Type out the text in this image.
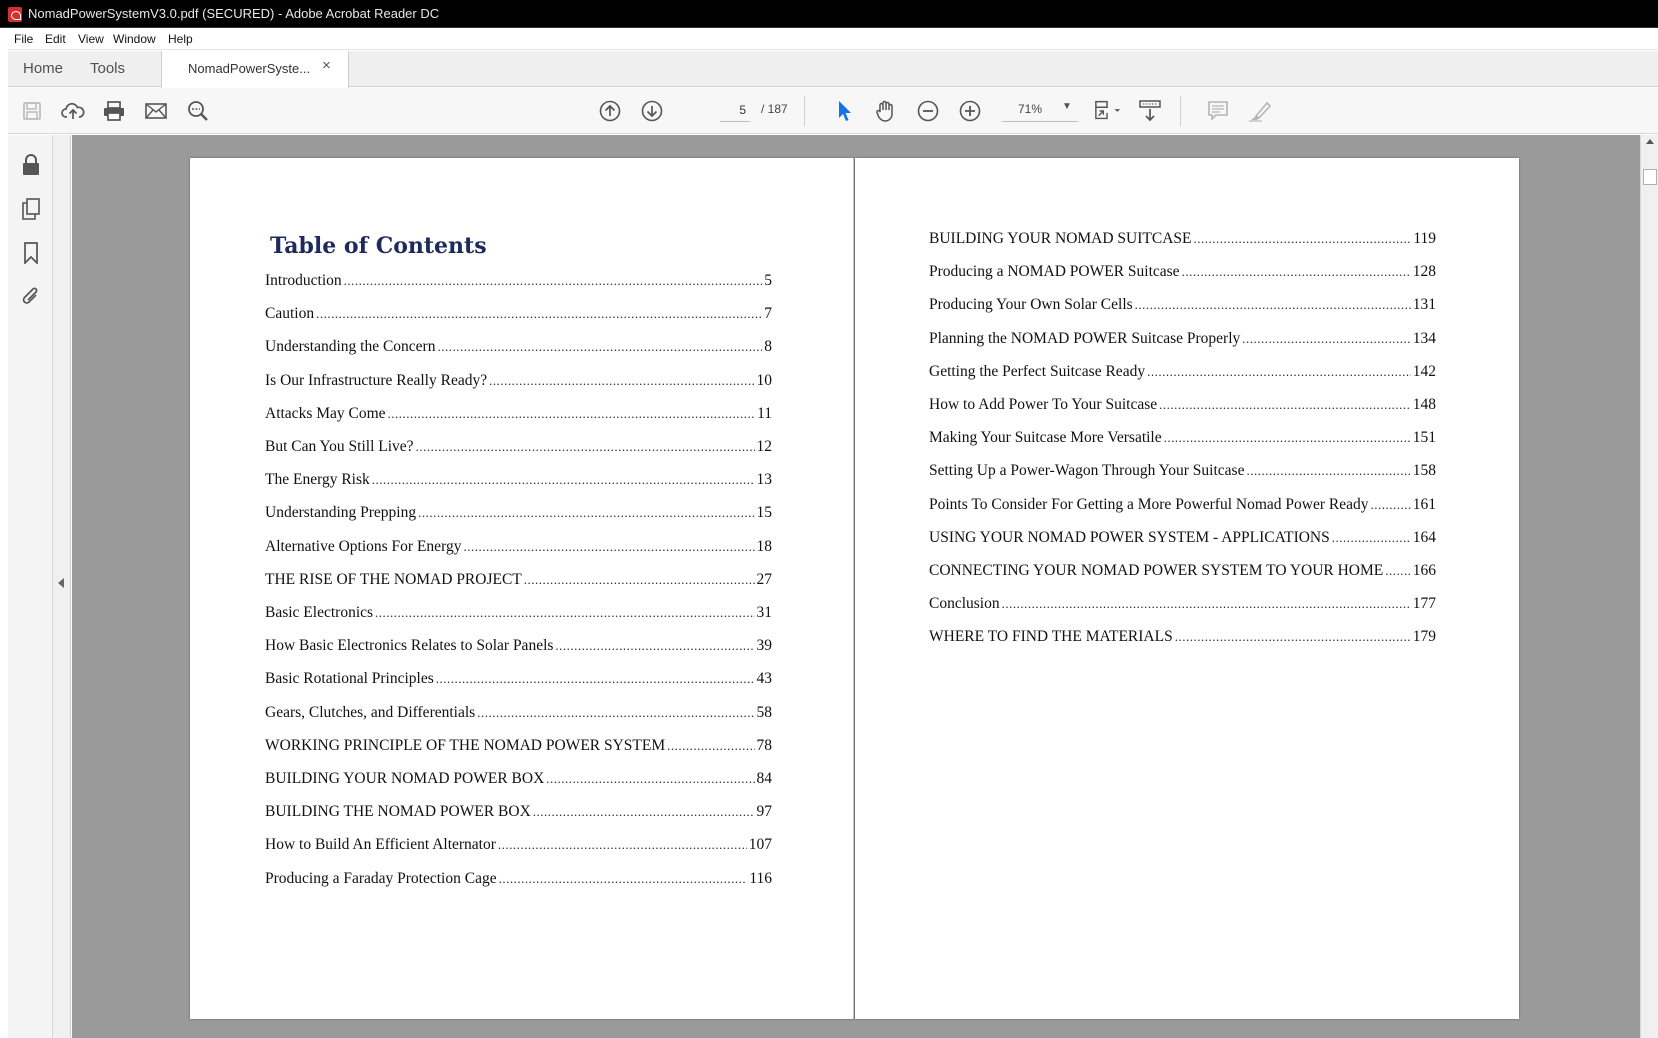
NomadPowerSystemV3.0.pdf (SECURED) - Adobe Acrobat Reader DC
File Edit View Window Help
Home Tools	NomadPowerSyste... ×
5
/ 187	71% ▼
Table of Contents
Introduction .....	5
Caution .....	7
Understanding the Concern .....	8
Is Our Infrastructure Really Ready? .....	10
Attacks May Come .....	11
But Can You Still Live? .....	12
The Energy Risk .....	13
Understanding Prepping .....	15
Alternative Options For Energy .....	18
THE RISE OF THE NOMAD PROJECT .....	27
Basic Electronics .....	31
How Basic Electronics Relates to Solar Panels .....	39
Basic Rotational Principles .....	43
Gears, Clutches, and Differentials .....	58
WORKING PRINCIPLE OF THE NOMAD POWER SYSTEM .....	78
BUILDING YOUR NOMAD POWER BOX .....	84
BUILDING THE NOMAD POWER BOX .....	97
How to Build An Efficient Alternator .....	107
Producing a Faraday Protection Cage .....	116
BUILDING YOUR NOMAD SUITCASE .....	119
Producing a NOMAD POWER Suitcase .....	128
Producing Your Own Solar Cells .....	131
Planning the NOMAD POWER Suitcase Properly .....	134
Getting the Perfect Suitcase Ready .....	142
How to Add Power To Your Suitcase .....	148
Making Your Suitcase More Versatile .....	151
Setting Up a Power-Wagon Through Your Suitcase .....	158
Points To Consider For Getting a More Powerful Nomad Power Ready .....	161
USING YOUR NOMAD POWER SYSTEM - APPLICATIONS .....	164
CONNECTING YOUR NOMAD POWER SYSTEM TO YOUR HOME ..... 166
Conclusion .....	177
WHERE TO FIND THE MATERIALS .....	179
